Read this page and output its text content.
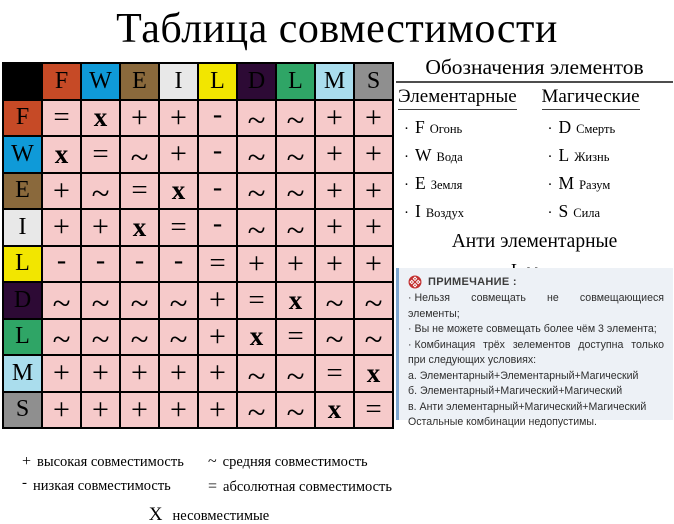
Таблица совместимости
	F	W	E	I	L	D	L	M	S
F	=	x	+	+	-	~	~	+	+
W	x	=	~	+	-	~	~	+	+
E	+	~	=	x	-	~	~	+	+
I	+	+	x	=	-	~	~	+	+
L	-	-	-	-	=	+	+	+	+
D	~	~	~	~	+	=	x	~	~
L	~	~	~	~	+	x	=	~	~
M	+	+	+	+	+	~	~	=	x
S	+	+	+	+	+	~	~	x	=
Обозначения элементов
Элементарные
· F Огонь
· W Вода
· E Земля
· I Воздух
Магические
· D Смерть
· L Жизнь
· M Разум
· S Сила
Анти элементарные
ПРИМЕЧАНИЕ :
· Нельзя совмещать не совмещающиеся элементы;
· Вы не можете совмещать более чём 3 элемента;
· Комбинация трёх зелементов доступна только при следующих условиях:
а. Элементарный+Элементарный+Магический
б. Элементарный+Магический+Магический
в. Анти элементарный+Магический+Магический
Остальные комбинации недопустимы.
+ высокая совместимость ~ средняя совместимость
- низкая совместимость = абсолютная совместимость
X несовместимые
